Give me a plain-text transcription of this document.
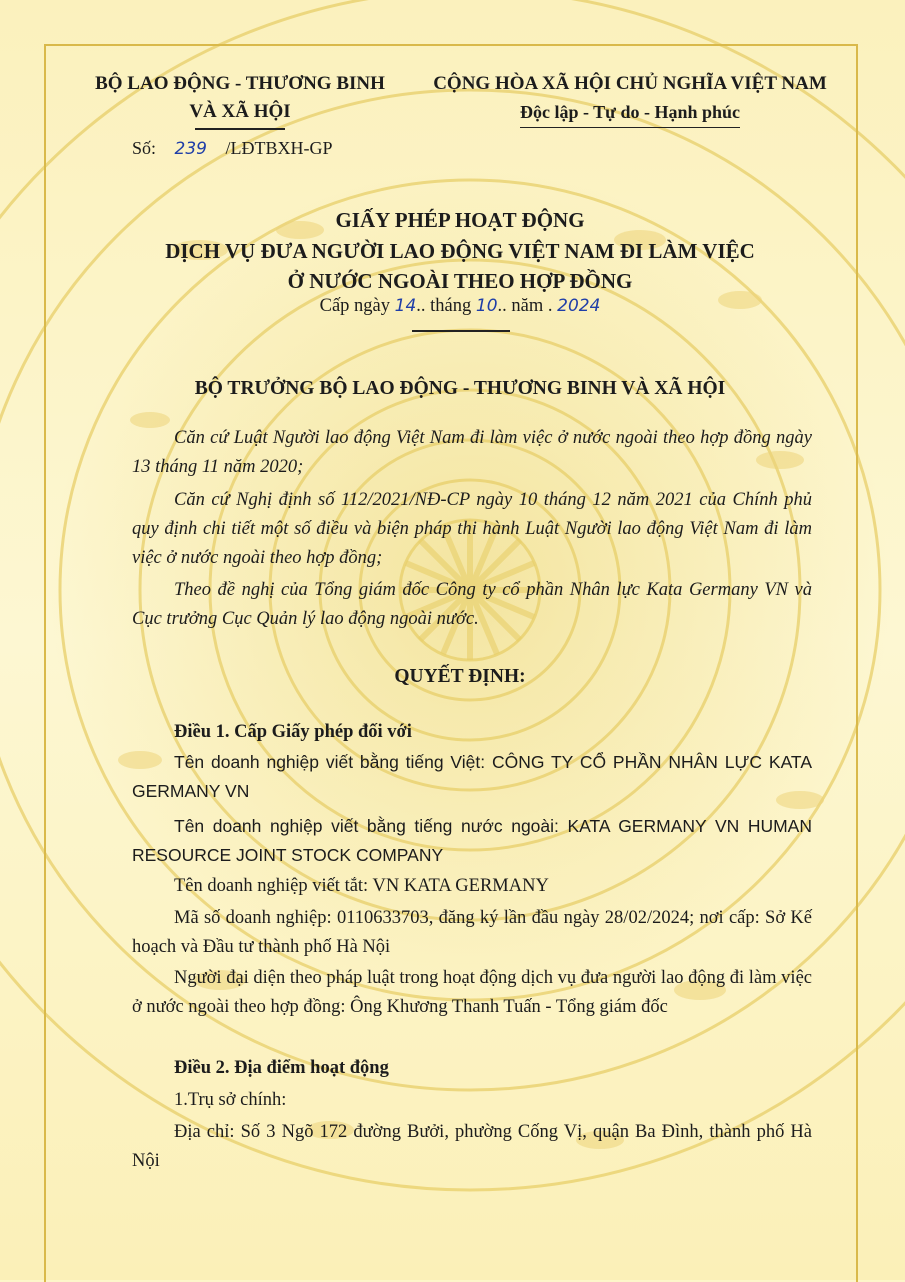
BỘ LAO ĐỘNG - THƯƠNG BINH
VÀ XÃ HỘI
CỘNG HÒA XÃ HỘI CHỦ NGHĨA VIỆT NAM
Độc lập - Tự do - Hạnh phúc
Số: 239 /LĐTBXH-GP
GIẤY PHÉP HOẠT ĐỘNG
DỊCH VỤ ĐƯA NGƯỜI LAO ĐỘNG VIỆT NAM ĐI LÀM VIỆC
Ở NƯỚC NGOÀI THEO HỢP ĐỒNG
Cấp ngày 14.. tháng 10.. năm . 2024
BỘ TRƯỞNG BỘ LAO ĐỘNG - THƯƠNG BINH VÀ XÃ HỘI
Căn cứ Luật Người lao động Việt Nam đi làm việc ở nước ngoài theo hợp đồng ngày 13 tháng 11 năm 2020;
Căn cứ Nghị định số 112/2021/NĐ-CP ngày 10 tháng 12 năm 2021 của Chính phủ quy định chi tiết một số điều và biện pháp thi hành Luật Người lao động Việt Nam đi làm việc ở nước ngoài theo hợp đồng;
Theo đề nghị của Tổng giám đốc Công ty cổ phần Nhân lực Kata Germany VN và Cục trưởng Cục Quản lý lao động ngoài nước.
QUYẾT ĐỊNH:
Điều 1. Cấp Giấy phép đối với
Tên doanh nghiệp viết bằng tiếng Việt: CÔNG TY CỔ PHẦN NHÂN LỰC KATA GERMANY VN
Tên doanh nghiệp viết bằng tiếng nước ngoài: KATA GERMANY VN HUMAN RESOURCE JOINT STOCK COMPANY
Tên doanh nghiệp viết tắt: VN KATA GERMANY
Mã số doanh nghiệp: 0110633703, đăng ký lần đầu ngày 28/02/2024; nơi cấp: Sở Kế hoạch và Đầu tư thành phố Hà Nội
Người đại diện theo pháp luật trong hoạt động dịch vụ đưa người lao động đi làm việc ở nước ngoài theo hợp đồng: Ông Khương Thanh Tuấn - Tổng giám đốc
Điều 2. Địa điểm hoạt động
1.Trụ sở chính:
Địa chỉ: Số 3 Ngõ 172 đường Bưởi, phường Cống Vị, quận Ba Đình, thành phố Hà Nội
